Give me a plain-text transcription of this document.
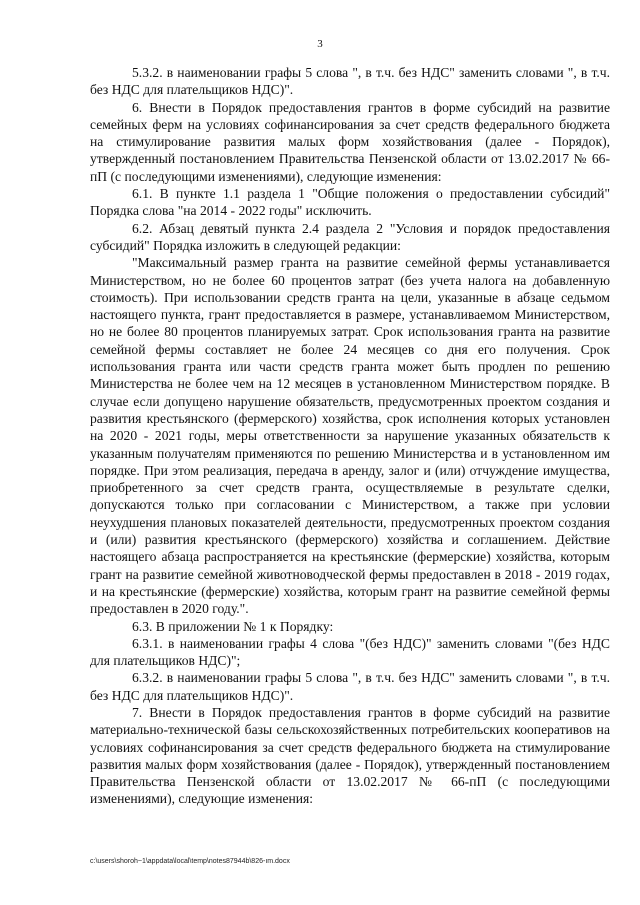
3

5.3.2. в наименовании графы 5 слова ", в т.ч. без НДС" заменить словами ", в т.ч. без НДС для плательщиков НДС)".

6. Внести в Порядок предоставления грантов в форме субсидий на развитие семейных ферм на условиях софинансирования за счет средств федерального бюджета на стимулирование развития малых форм хозяйствования (далее - Порядок), утвержденный постановлением Правительства Пензенской области от 13.02.2017 № 66-пП (с последующими изменениями), следующие изменения:

6.1. В пункте 1.1 раздела 1 "Общие положения о предоставлении субсидий" Порядка слова "на 2014 - 2022 годы" исключить.

6.2. Абзац девятый пункта 2.4 раздела 2 "Условия и порядок предоставления субсидий" Порядка изложить в следующей редакции:

"Максимальный размер гранта на развитие семейной фермы устанавливается Министерством, но не более 60 процентов затрат (без учета налога на добавленную стоимость). При использовании средств гранта на цели, указанные в абзаце седьмом настоящего пункта, грант предоставляется в размере, устанавливаемом Министерством, но не более 80 процентов планируемых затрат. Срок использования гранта на развитие семейной фермы составляет не более 24 месяцев со дня его получения. Срок использования гранта или части средств гранта может быть продлен по решению Министерства не более чем на 12 месяцев в установленном Министерством порядке. В случае если допущено нарушение обязательств, предусмотренных проектом создания и развития крестьянского (фермерского) хозяйства, срок исполнения которых установлен на 2020 - 2021 годы, меры ответственности за нарушение указанных обязательств к указанным получателям применяются по решению Министерства и в установленном им порядке. При этом реализация, передача в аренду, залог и (или) отчуждение имущества, приобретенного за счет средств гранта, осуществляемые в результате сделки, допускаются только при согласовании с Министерством, а также при условии неухудшения плановых показателей деятельности, предусмотренных проектом создания и (или) развития крестьянского (фермерского) хозяйства и соглашением. Действие настоящего абзаца распространяется на крестьянские (фермерские) хозяйства, которым грант на развитие семейной животноводческой фермы предоставлен в 2018 - 2019 годах, и на крестьянские (фермерские) хозяйства, которым грант на развитие семейной фермы предоставлен в 2020 году.".

6.3. В приложении № 1 к Порядку:

6.3.1. в наименовании графы 4 слова "(без НДС)" заменить словами "(без НДС для плательщиков НДС)";

6.3.2. в наименовании графы 5 слова ", в т.ч. без НДС" заменить словами ", в т.ч. без НДС для плательщиков НДС)".

7. Внести в Порядок предоставления грантов в форме субсидий на развитие материально-технической базы сельскохозяйственных потребительских кооперативов на условиях софинансирования за счет средств федерального бюджета на стимулирование развития малых форм хозяйствования (далее - Порядок), утвержденный постановлением Правительства Пензенской области от 13.02.2017 № 66-пП (с последующими изменениями), следующие изменения:

c:\users\shoroh~1\appdata\local\temp\notes87944b\826-ım.docx
